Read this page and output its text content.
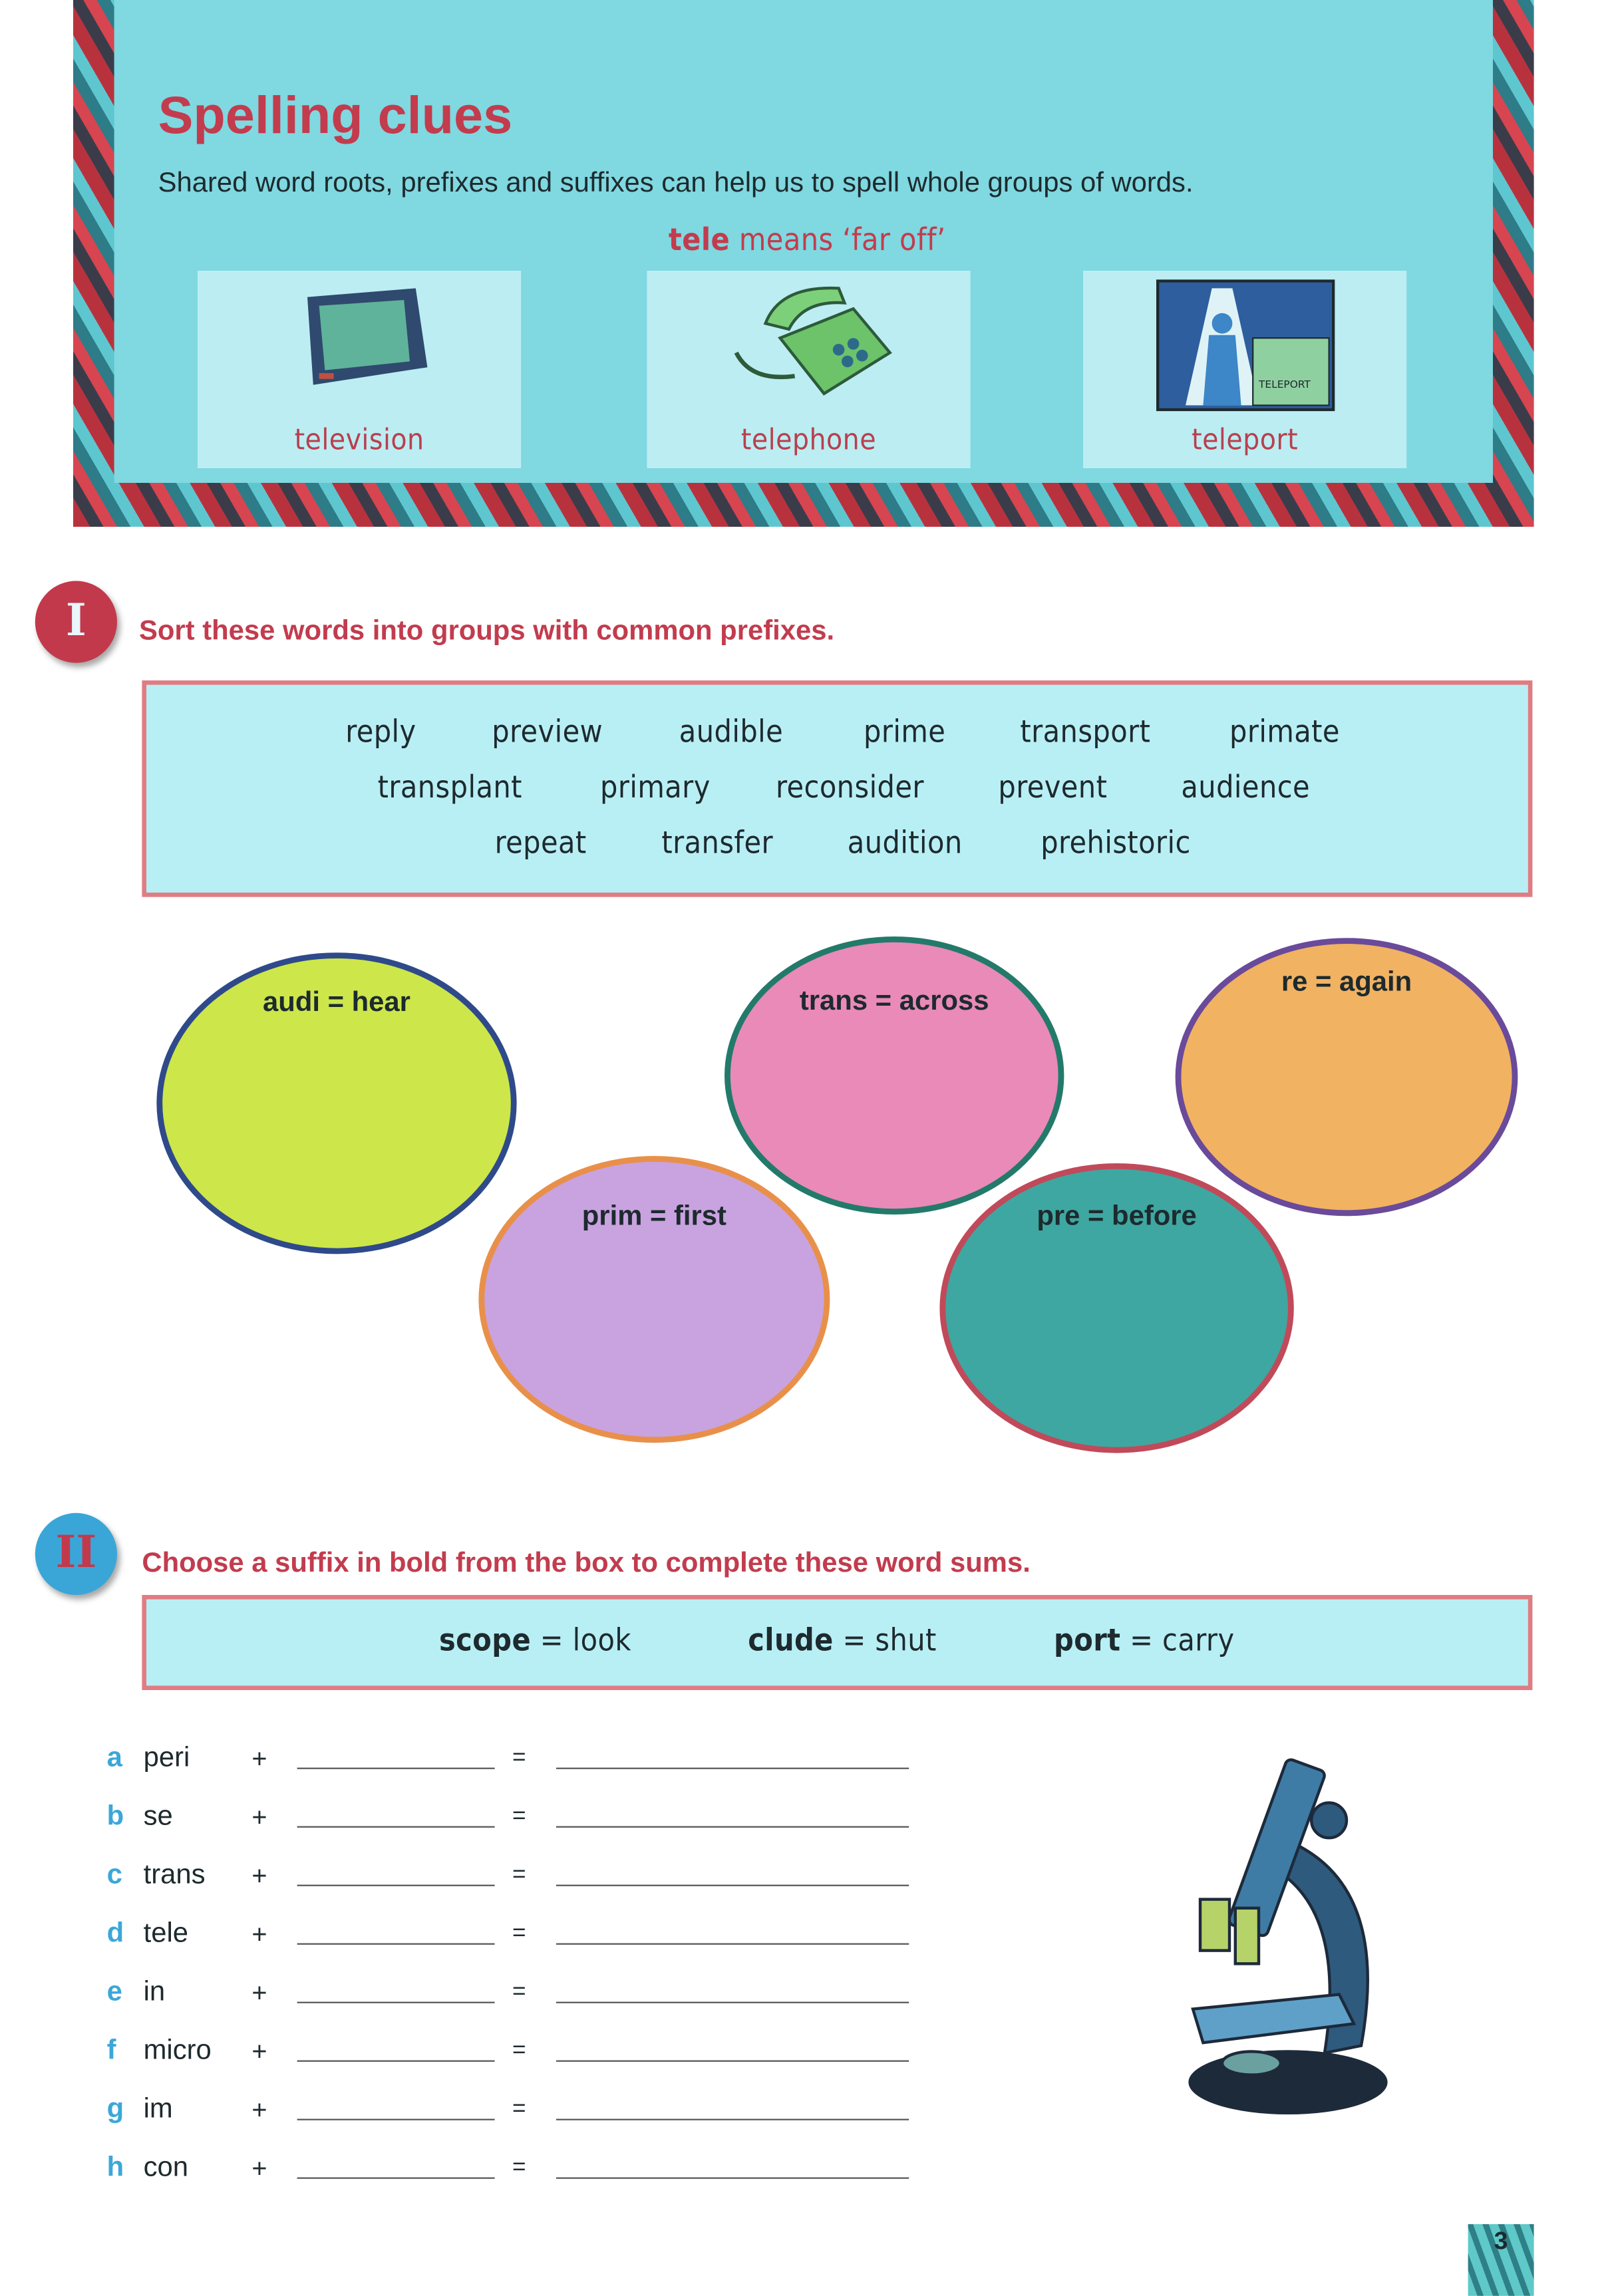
Spelling clues
Shared word roots, prefixes and suffixes can help us to spell whole groups of words.
tele means ‘far off’
television	telephone
TELEPORT
teleport
I	Sort these words into groups with common prefixes.
reply	preview	audible	prime	transport	primate
transplant	primary	reconsider	prevent	audience
repeat	transfer	audition	prehistoric
audi = hear	trans = across
re = again
prim = first	pre = before
II	Choose a suffix in bold from the box to complete these word sums.
scope = look	clude = shut	port = carry
a peri	+	=
b se	+	=
c trans	+	=
d tele	+	=
e in	+	=
f micro	+	=
g im	+	=
h con	+	=
3
